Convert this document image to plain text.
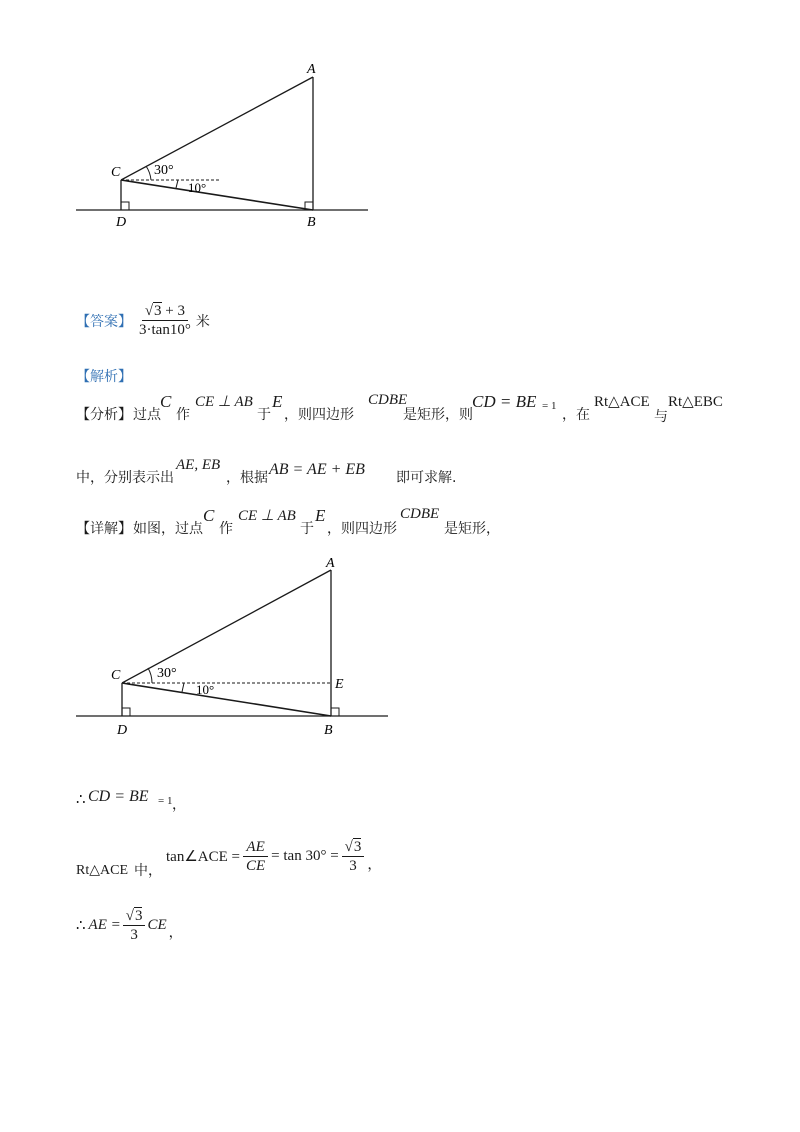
A
C
D	B
30°
10°
【答案】 $\frac{√3 + 3}{3\cdot\tan 10^\circ}$ 米
【解析】
【分析】 过点
C
作
CE ⊥ AB
于
E
，则四边形
CDBE
是矩形，则
CD = BE = 1
，在
Rt△ACE
与
Rt△EBC
中，分别表示出
AE, EB
，根据 AB = AE + EB 即可求解.
【详解】 如图，过点
C
作
CE ⊥ AB
于
E
，则四边形
CDBE
是矩形，
A
C
D	B
E
30°
10°
∴ CD = BE = 1 ，
Rt△ACE 中，
tan∠ACE = $\frac{AE}{CE} = \tan 30^\circ = \frac{√3}{3}$ ，
∴ AE = $\frac{√3}{3}$ CE ，
